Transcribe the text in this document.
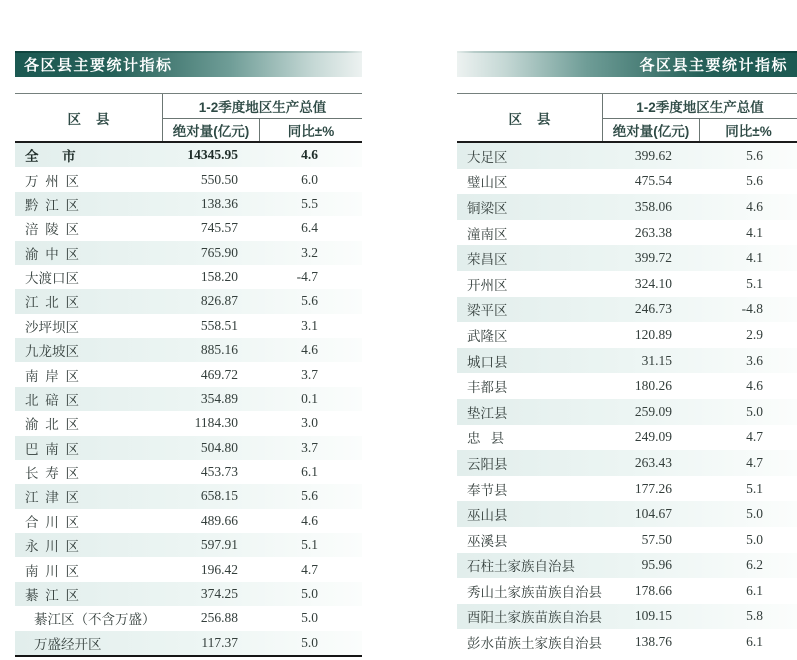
各区县主要统计指标
区    县
1-2季度地区生产总值
绝对量(亿元)	同比±%
全       市	14345.95	4.6
万  州  区	550.50	6.0
黔  江  区	138.36	5.5
涪  陵  区	745.57	6.4
渝  中  区	765.90	3.2
大渡口区	158.20	-4.7
江  北  区	826.87	5.6
沙坪坝区	558.51	3.1
九龙坡区	885.16	4.6
南  岸  区	469.72	3.7
北  碚  区	354.89	0.1
渝  北  区	1184.30	3.0
巴  南  区	504.80	3.7
长  寿  区	453.73	6.1
江  津  区	658.15	5.6
合  川  区	489.66	4.6
永  川  区	597.91	5.1
南  川  区	196.42	4.7
綦  江  区	374.25	5.0
綦江区（不含万盛）	256.88	5.0
万盛经开区	117.37	5.0
各区县主要统计指标
区    县
1-2季度地区生产总值
绝对量(亿元)	同比±%
大足区	399.62	5.6
璧山区	475.54	5.6
铜梁区	358.06	4.6
潼南区	263.38	4.1
荣昌区	399.72	4.1
开州区	324.10	5.1
梁平区	246.73	-4.8
武隆区	120.89	2.9
城口县	31.15	3.6
丰都县	180.26	4.6
垫江县	259.09	5.0
忠   县	249.09	4.7
云阳县	263.43	4.7
奉节县	177.26	5.1
巫山县	104.67	5.0
巫溪县	57.50	5.0
石柱土家族自治县	95.96	6.2
秀山土家族苗族自治县	178.66	6.1
酉阳土家族苗族自治县	109.15	5.8
彭水苗族土家族自治县	138.76	6.1
